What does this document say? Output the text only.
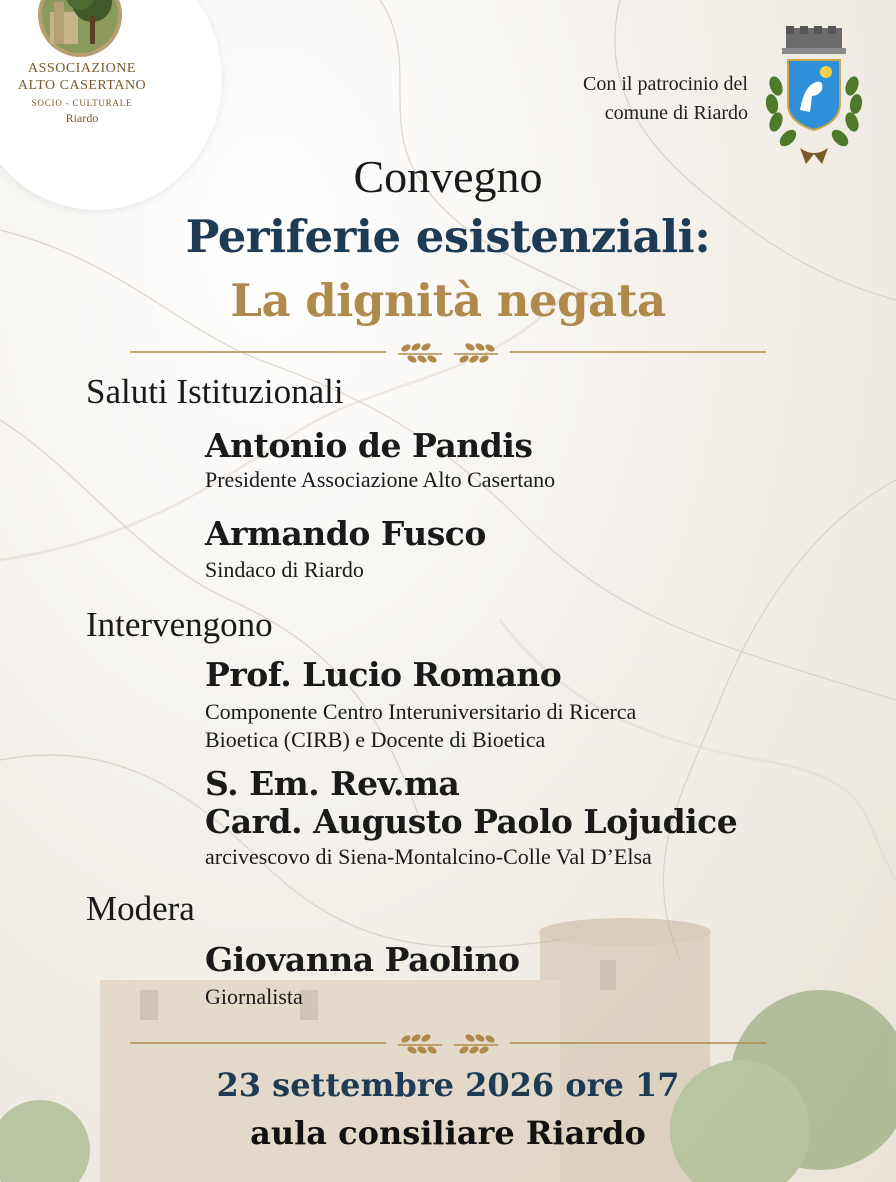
ASSOCIAZIONE
ALTO CASERTANO
SOCIO - CULTURALE
Riardo
Con il patrocinio del
comune di Riardo
Convegno
Periferie esistenziali:
La dignità negata
Saluti Istituzionali
Antonio de Pandis
Presidente Associazione Alto Casertano
Armando Fusco
Sindaco di Riardo
Intervengono
Prof. Lucio Romano
Componente Centro Interuniversitario di Ricerca
Bioetica (CIRB) e Docente di Bioetica
S. Em. Rev.ma
Card. Augusto Paolo Lojudice
arcivescovo di Siena-Montalcino-Colle Val D’Elsa
Modera
Giovanna Paolino
Giornalista
23 settembre 2026 ore 17
aula consiliare Riardo
